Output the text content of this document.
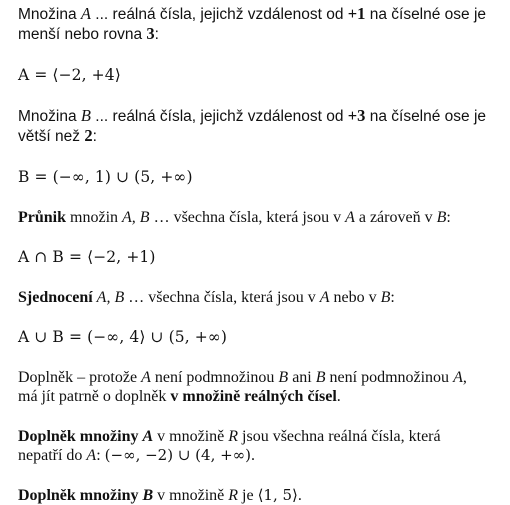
Množina A ... reálná čísla, jejichž vzdálenost od +1 na číselné ose je menší nebo rovna 3:

A = ⟨−2, +4⟩

Množina B ... reálná čísla, jejichž vzdálenost od +3 na číselné ose je větší než 2:

B = (−∞, 1) ∪ (5, +∞)

Průnik množin A, B … všechna čísla, která jsou v A a zároveň v B:

A ∩ B = ⟨−2, +1)

Sjednocení A, B … všechna čísla, která jsou v A nebo v B:

A ∪ B = (−∞, 4⟩ ∪ (5, +∞)

Doplněk – protože A není podmnožinou B ani B není podmnožinou A,
má jít patrně o doplněk v množině reálných čísel.

Doplněk množiny A v množině R jsou všechna reálná čísla, která
nepatří do A: (−∞, −2) ∪ (4, +∞).

Doplněk množiny B v množině R je ⟨1, 5⟩.
